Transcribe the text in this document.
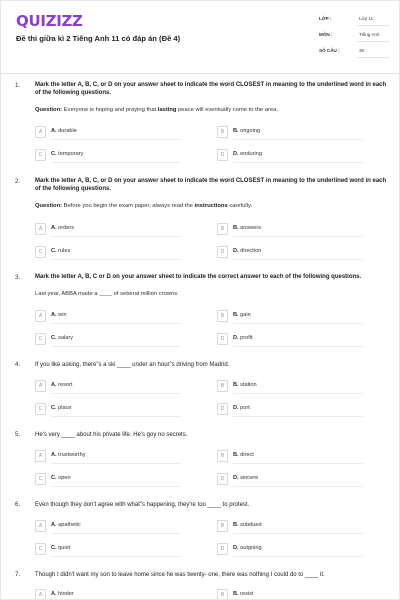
QUIZIZZ
Đề thi giữa kì 2 Tiếng Anh 11 có đáp án (Đề 4)
LỚP :	Lớp 11
MÔN :	Tiếng Anh
SỐ CÂU :	35
1. Mark the letter A, B, C, or D on your answer sheet to indicate the word CLOSEST in meaning to the underlined word in each of the following questions.
Question: Everyone is hoping and praying that lasting peace will eventually come to the area.
A	A. durable	B	B. ongoing
C	C. temporary	D	D. enduring
2. Mark the letter A, B, C, or D on your answer sheet to indicate the word CLOSEST in meaning to the underlined word in each of the following questions.
Question: Before you begin the exam paper, always read the instructions carefully.
A	A. orders	B	B. answers
C	C. rules	D	D. direction
3. Mark the letter A, B, C or D on your answer sheet to indicate the correct answer to each of the following questions.
Last year, ABBA made a ____ of seberal million crowns.
A	A. win	B	B. gain
C	C. salary	D	D. profit
4. If you like asking, there"s a ski ____ under an hour"s driving from Madrid.
A	A. resort	B	B. station
C	C. place	D	D. port
5. He's very ____ about his private life. He's goy no secrets.
A	A. trustworthy	B	B. direct
C	C. open	D	D. sincere
6. Even though they don't agree with what"s happening, they're too ____ to protest.
A	A. apathetic	B	B. subdued
C	C. quiet	D	D. outgoing
7. Though I didn't want my son to leave home since he was twenty- one, there was nothing I could do to ____ it.
A	A. hinder	B	B. resist
